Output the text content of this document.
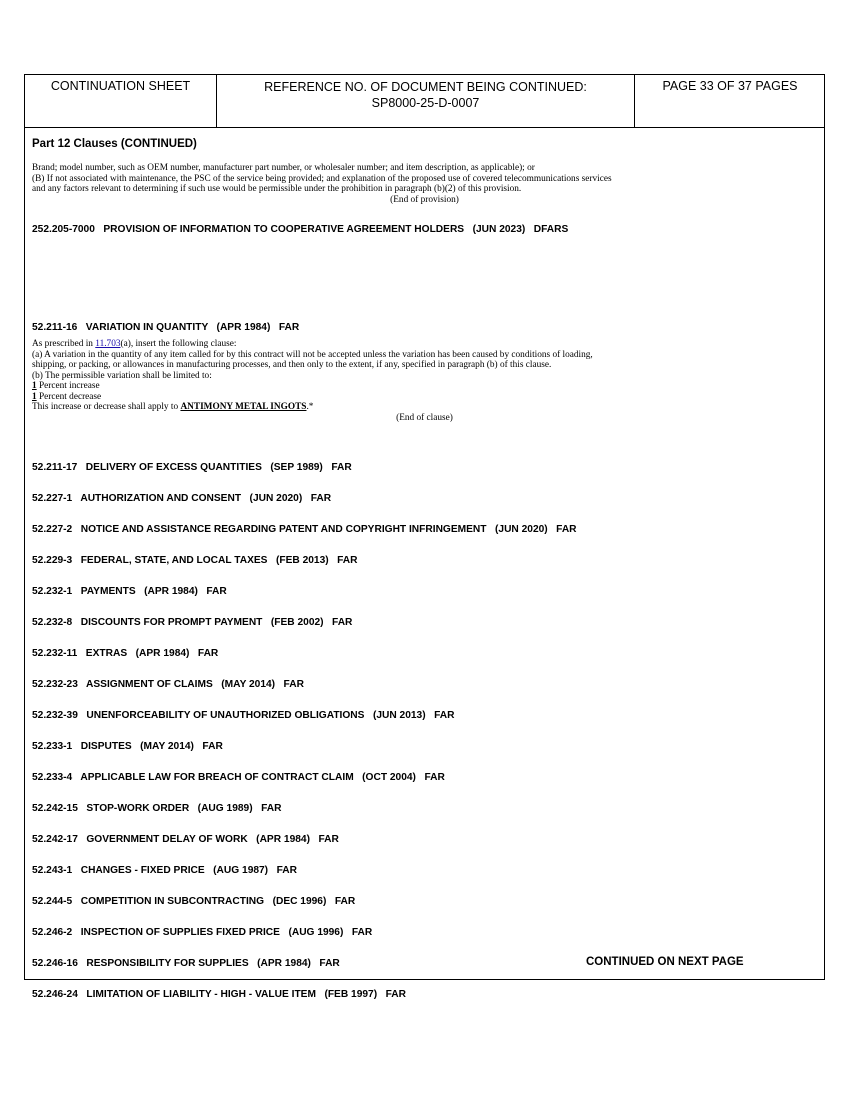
CONTINUATION SHEET	REFERENCE NO. OF DOCUMENT BEING CONTINUED:
SP8000-25-D-0007
PAGE 33 OF 37 PAGES
Part 12 Clauses (CONTINUED)
Brand; model number, such as OEM number, manufacturer part number, or wholesaler number; and item description, as applicable); or
(B) If not associated with maintenance, the PSC of the service being provided; and explanation of the proposed use of covered telecommunications services
and any factors relevant to determining if such use would be permissible under the prohibition in paragraph (b)(2) of this provision.
(End of provision)
252.205-7000   PROVISION OF INFORMATION TO COOPERATIVE AGREEMENT HOLDERS   (JUN 2023)   DFARS
52.211-16   VARIATION IN QUANTITY   (APR 1984)   FAR
As prescribed in 11.703(a), insert the following clause:
(a) A variation in the quantity of any item called for by this contract will not be accepted unless the variation has been caused by conditions of loading,
shipping, or packing, or allowances in manufacturing processes, and then only to the extent, if any, specified in paragraph (b) of this clause.
(b) The permissible variation shall be limited to:
1 Percent increase
1 Percent decrease
This increase or decrease shall apply to ANTIMONY METAL INGOTS.*
(End of clause)
52.211-17   DELIVERY OF EXCESS QUANTITIES   (SEP 1989)   FAR
52.227-1   AUTHORIZATION AND CONSENT   (JUN 2020)   FAR
52.227-2   NOTICE AND ASSISTANCE REGARDING PATENT AND COPYRIGHT INFRINGEMENT   (JUN 2020)   FAR
52.229-3   FEDERAL, STATE, AND LOCAL TAXES   (FEB 2013)   FAR
52.232-1   PAYMENTS   (APR 1984)   FAR
52.232-8   DISCOUNTS FOR PROMPT PAYMENT   (FEB 2002)   FAR
52.232-11   EXTRAS   (APR 1984)   FAR
52.232-23   ASSIGNMENT OF CLAIMS   (MAY 2014)   FAR
52.232-39   UNENFORCEABILITY OF UNAUTHORIZED OBLIGATIONS   (JUN 2013)   FAR
52.233-1   DISPUTES   (MAY 2014)   FAR
52.233-4   APPLICABLE LAW FOR BREACH OF CONTRACT CLAIM   (OCT 2004)   FAR
52.242-15   STOP-WORK ORDER   (AUG 1989)   FAR
52.242-17   GOVERNMENT DELAY OF WORK   (APR 1984)   FAR
52.243-1   CHANGES - FIXED PRICE   (AUG 1987)   FAR
52.244-5   COMPETITION IN SUBCONTRACTING   (DEC 1996)   FAR
52.246-2   INSPECTION OF SUPPLIES FIXED PRICE   (AUG 1996)   FAR
52.246-16   RESPONSIBILITY FOR SUPPLIES   (APR 1984)   FAR
52.246-24   LIMITATION OF LIABILITY - HIGH - VALUE ITEM   (FEB 1997)   FAR
CONTINUED ON NEXT PAGE
